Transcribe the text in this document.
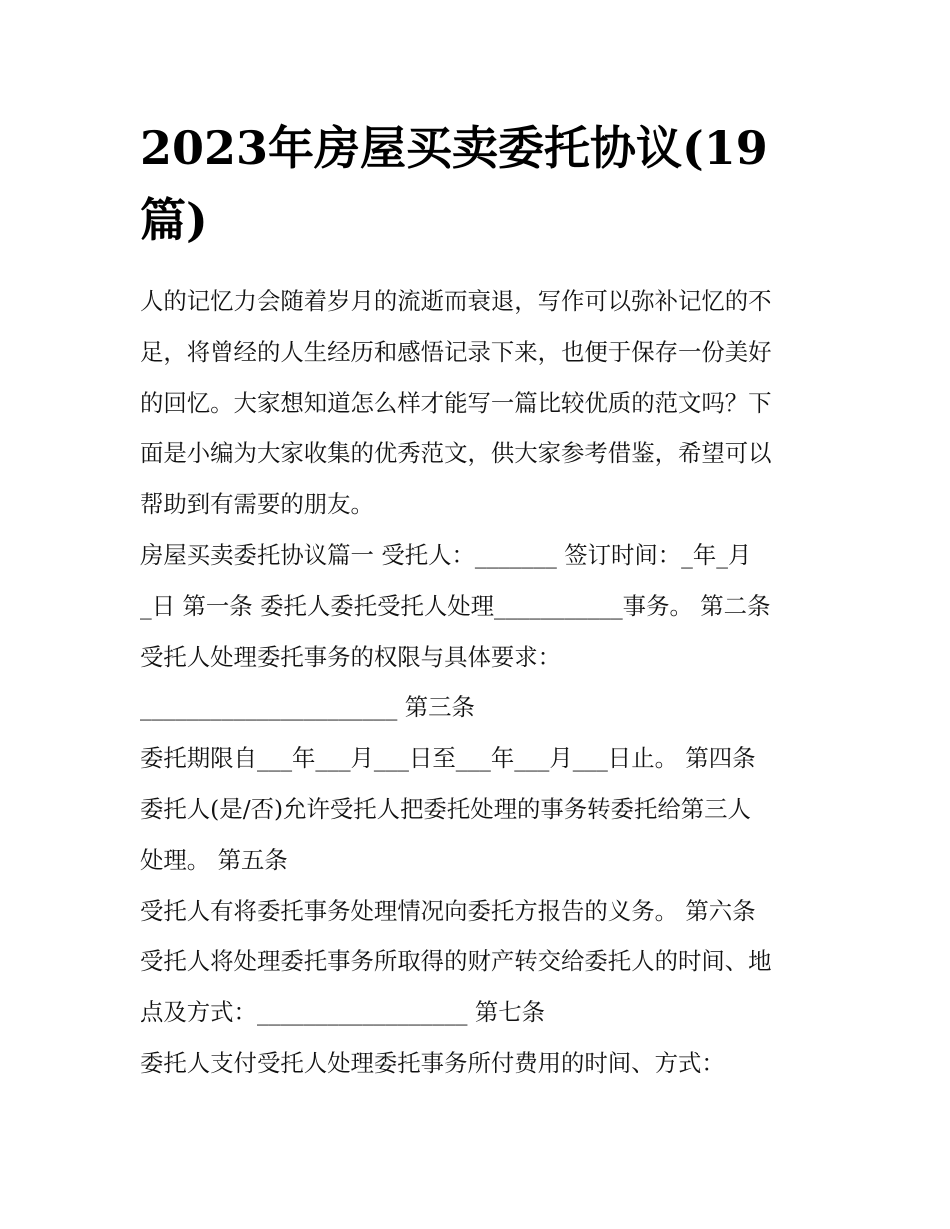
2023年房屋买卖委托协议(19
篇)

人的记忆力会随着岁月的流逝而衰退，写作可以弥补记忆的不
足，将曾经的人生经历和感悟记录下来，也便于保存一份美好
的回忆。大家想知道怎么样才能写一篇比较优质的范文吗？下
面是小编为大家收集的优秀范文，供大家参考借鉴，希望可以
帮助到有需要的朋友。

房屋买卖委托协议篇一 受托人：_______ 签订时间：_年_月
_日 第一条 委托人委托受托人处理___________事务。 第二条
受托人处理委托事务的权限与具体要求：
______________________ 第三条
委托期限自___年___月___日至___年___月___日止。 第四条
委托人(是/否)允许受托人把委托处理的事务转委托给第三人
处理。 第五条
受托人有将委托事务处理情况向委托方报告的义务。 第六条
受托人将处理委托事务所取得的财产转交给委托人的时间、地
点及方式：__________________ 第七条
委托人支付受托人处理委托事务所付费用的时间、方式：
